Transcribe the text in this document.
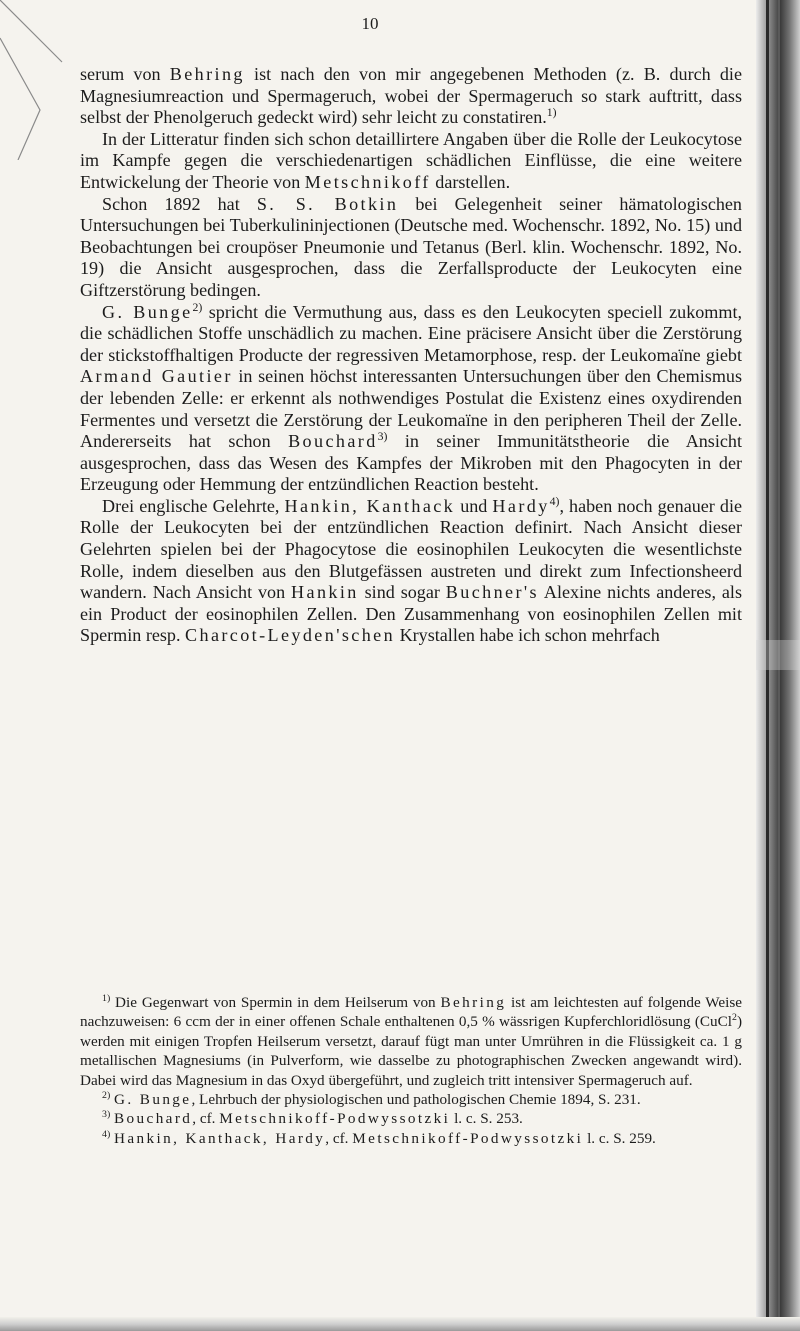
10

serum von Behring ist nach den von mir angegebenen Methoden (z. B. durch die Magnesiumreaction und Spermageruch, wobei der Spermageruch so stark auftritt, dass selbst der Phenolgeruch gedeckt wird) sehr leicht zu constatiren.$^{1)}$

In der Litteratur finden sich schon detaillirtere Angaben über die Rolle der Leukocytose im Kampfe gegen die verschiedenartigen schädlichen Einflüsse, die eine weitere Entwickelung der Theorie von Metschnikoff darstellen.

Schon 1892 hat S. S. Botkin bei Gelegenheit seiner hämatologischen Untersuchungen bei Tuberkulininjectionen (Deutsche med. Wochenschr. 1892, No. 15) und Beobachtungen bei croupöser Pneumonie und Tetanus (Berl. klin. Wochenschr. 1892, No. 19) die Ansicht ausgesprochen, dass die Zerfallsproducte der Leukocyten eine Giftzerstörung bedingen.

G. Bunge$^{2)}$ spricht die Vermuthung aus, dass es den Leukocyten speciell zukommt, die schädlichen Stoffe unschädlich zu machen. Eine präcisere Ansicht über die Zerstörung der stickstoffhaltigen Producte der regressiven Metamorphose, resp. der Leukomaïne giebt Armand Gautier in seinen höchst interessanten Untersuchungen über den Chemismus der lebenden Zelle: er erkennt als nothwendiges Postulat die Existenz eines oxydirenden Fermentes und versetzt die Zerstörung der Leukomaïne in den peripheren Theil der Zelle. Andererseits hat schon Bouchard$^{3)}$ in seiner Immunitätstheorie die Ansicht ausgesprochen, dass das Wesen des Kampfes der Mikroben mit den Phagocyten in der Erzeugung oder Hemmung der entzündlichen Reaction besteht.

Drei englische Gelehrte, Hankin, Kanthack und Hardy$^{4)}$, haben noch genauer die Rolle der Leukocyten bei der entzündlichen Reaction definirt. Nach Ansicht dieser Gelehrten spielen bei der Phagocytose die eosinophilen Leukocyten die wesentlichste Rolle, indem dieselben aus den Blutgefässen austreten und direkt zum Infectionsheerd wandern. Nach Ansicht von Hankin sind sogar Buchner's Alexine nichts anderes, als ein Product der eosinophilen Zellen. Den Zusammenhang von eosinophilen Zellen mit Spermin resp. Charcot-Leyden'schen Krystallen habe ich schon mehrfach

$^{1)}$ Die Gegenwart von Spermin in dem Heilserum von Behring ist am leichtesten auf folgende Weise nachzuweisen: 6 ccm der in einer offenen Schale enthaltenen 0,5 % wässrigen Kupferchloridlösung (CuCl$^2$) werden mit einigen Tropfen Heilserum versetzt, darauf fügt man unter Umrühren in die Flüssigkeit ca. 1 g metallischen Magnesiums (in Pulverform, wie dasselbe zu photographischen Zwecken angewandt wird). Dabei wird das Magnesium in das Oxyd übergeführt, und zugleich tritt intensiver Spermageruch auf.

$^{2)}$ G. Bunge, Lehrbuch der physiologischen und pathologischen Chemie 1894, S. 231.

$^{3)}$ Bouchard, cf. Metschnikoff-Podwyssotzki l. c. S. 253.

$^{4)}$ Hankin, Kanthack, Hardy, cf. Metschnikoff-Podwyssotzki l. c. S. 259.
